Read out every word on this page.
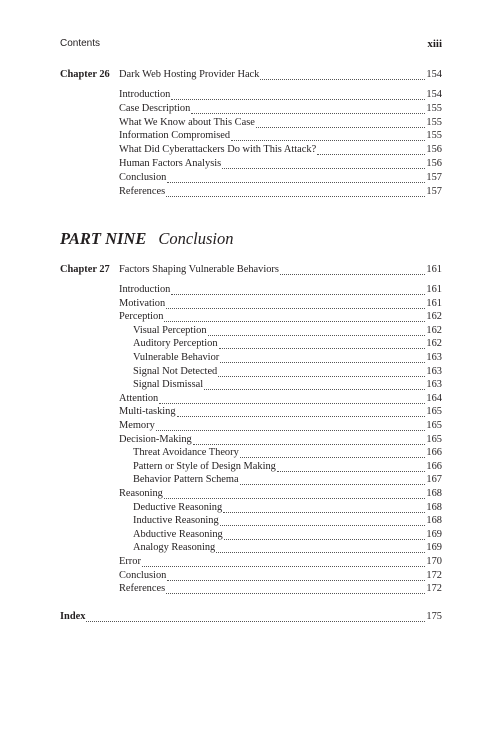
Contents	xiii
Chapter 26 Dark Web Hosting Provider Hack	154
Introduction	154
Case Description	155
What We Know about This Case	155
Information Compromised	155
What Did Cyberattackers Do with This Attack?	156
Human Factors Analysis	156
Conclusion	157
References	157
PART NINE Conclusion
Chapter 27 Factors Shaping Vulnerable Behaviors	161
Introduction	161
Motivation	161
Perception	162
Visual Perception	162
Auditory Perception	162
Vulnerable Behavior	163
Signal Not Detected	163
Signal Dismissal	163
Attention	164
Multi-tasking	165
Memory	165
Decision-Making	165
Threat Avoidance Theory	166
Pattern or Style of Design Making	166
Behavior Pattern Schema	167
Reasoning	168
Deductive Reasoning	168
Inductive Reasoning	168
Abductive Reasoning	169
Analogy Reasoning	169
Error	170
Conclusion	172
References	172
Index	175
